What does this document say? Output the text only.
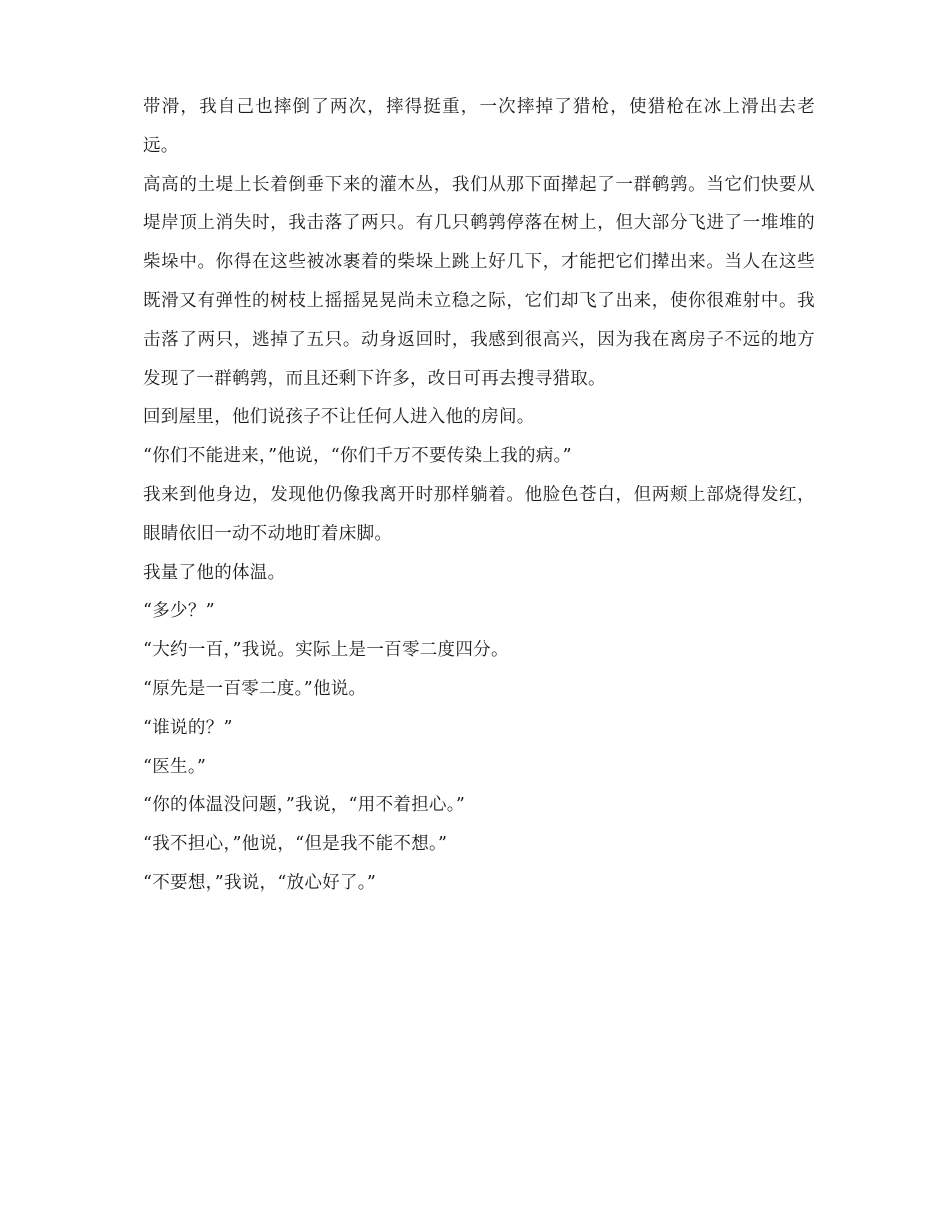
带滑，我自己也摔倒了两次，摔得挺重，一次摔掉了猎枪，使猎枪在冰上滑出去老远。

高高的土堤上长着倒垂下来的灌木丛，我们从那下面撵起了一群鹌鹑。当它们快要从堤岸顶上消失时，我击落了两只。有几只鹌鹑停落在树上，但大部分飞进了一堆堆的柴垛中。你得在这些被冰裹着的柴垛上跳上好几下，才能把它们撵出来。当人在这些既滑又有弹性的树枝上摇摇晃晃尚未立稳之际，它们却飞了出来，使你很难射中。我击落了两只，逃掉了五只。动身返回时，我感到很高兴，因为我在离房子不远的地方发现了一群鹌鹑，而且还剩下许多，改日可再去搜寻猎取。

回到屋里，他们说孩子不让任何人进入他的房间。

“你们不能进来，”他说，“你们千万不要传染上我的病。”

我来到他身边，发现他仍像我离开时那样躺着。他脸色苍白，但两颊上部烧得发红，眼睛依旧一动不动地盯着床脚。

我量了他的体温。

“多少？”

“大约一百，”我说。实际上是一百零二度四分。

“原先是一百零二度。”他说。

“谁说的？”

“医生。”

“你的体温没问题，”我说，“用不着担心。”

“我不担心，”他说，“但是我不能不想。”

“不要想，”我说，“放心好了。”
